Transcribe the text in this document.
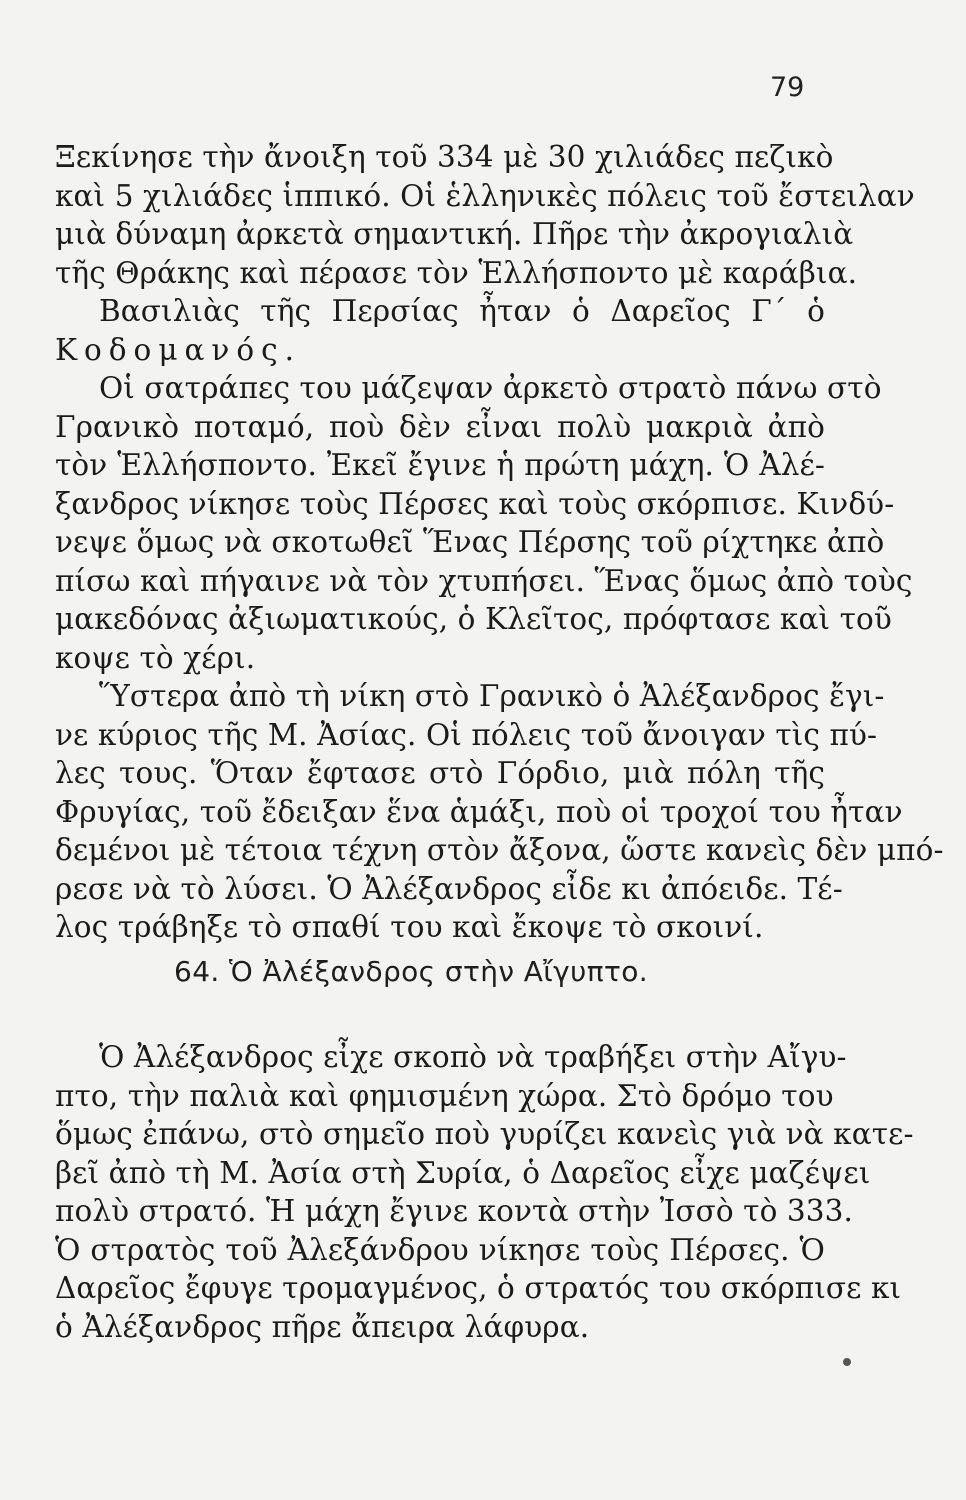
79
Ξεκίνησε τὴν ἄνοιξη τοῦ 334 μὲ 30 χιλιάδες πεζικὸ
καὶ 5 χιλιάδες ἱππικό. Οἱ ἑλληνικὲς πόλεις τοῦ ἔστειλαν
μιὰ δύναμη ἀρκετὰ σημαντική. Πῆρε τὴν ἀκρογιαλιὰ
τῆς Θράκης καὶ πέρασε τὸν Ἑλλήσποντο μὲ καράβια.
Βασιλιὰς τῆς Περσίας ἦταν ὁ Δαρεῖος Γ΄ ὁ
Κοδομανός.
Οἱ σατράπες του μάζεψαν ἀρκετὸ στρατὸ πάνω στὸ
Γρανικὸ ποταμό, ποὺ δὲν εἶναι πολὺ μακριὰ ἀπὸ
τὸν Ἑλλήσποντο. Ἐκεῖ ἔγινε ἡ πρώτη μάχη. Ὁ Ἀλέ-
ξανδρος νίκησε τοὺς Πέρσες καὶ τοὺς σκόρπισε. Κινδύ-
νεψε ὅμως νὰ σκοτωθεῖ Ἕνας Πέρσης τοῦ ρίχτηκε ἀπὸ
πίσω καὶ πήγαινε νὰ τὸν χτυπήσει. Ἕνας ὅμως ἀπὸ τοὺς
μακεδόνας ἀξιωματικούς, ὁ Κλεῖτος, πρόφτασε καὶ τοῦ
κοψε τὸ χέρι.
Ὕστερα ἀπὸ τὴ νίκη στὸ Γρανικὸ ὁ Ἀλέξανδρος ἔγι-
νε κύριος τῆς Μ. Ἀσίας. Οἱ πόλεις τοῦ ἄνοιγαν τὶς πύ-
λες τους. Ὅταν ἔφτασε στὸ Γόρδιο, μιὰ πόλη τῆς
Φρυγίας, τοῦ ἔδειξαν ἕνα ἁμάξι, ποὺ οἱ τροχοί του ἦταν
δεμένοι μὲ τέτοια τέχνη στὸν ἄξονα, ὥστε κανεὶς δὲν μπό-
ρεσε νὰ τὸ λύσει. Ὁ Ἀλέξανδρος εἶδε κι ἀπόειδε. Τέ-
λος τράβηξε τὸ σπαθί του καὶ ἔκοψε τὸ σκοινί.
64. Ὁ Ἀλέξανδρος στὴν Αἴγυπτο.
Ὁ Ἀλέξανδρος εἶχε σκοπὸ νὰ τραβήξει στὴν Αἴγυ-
πτο, τὴν παλιὰ καὶ φημισμένη χώρα. Στὸ δρόμο του
ὅμως ἐπάνω, στὸ σημεῖο ποὺ γυρίζει κανεὶς γιὰ νὰ κατε-
βεῖ ἀπὸ τὴ Μ. Ἀσία στὴ Συρία, ὁ Δαρεῖος εἶχε μαζέψει
πολὺ στρατό. Ἡ μάχη ἔγινε κοντὰ στὴν Ἰσσὸ τὸ 333.
Ὁ στρατὸς τοῦ Ἀλεξάνδρου νίκησε τοὺς Πέρσες. Ὁ
Δαρεῖος ἔφυγε τρομαγμένος, ὁ στρατός του σκόρπισε κι
ὁ Ἀλέξανδρος πῆρε ἄπειρα λάφυρα.
